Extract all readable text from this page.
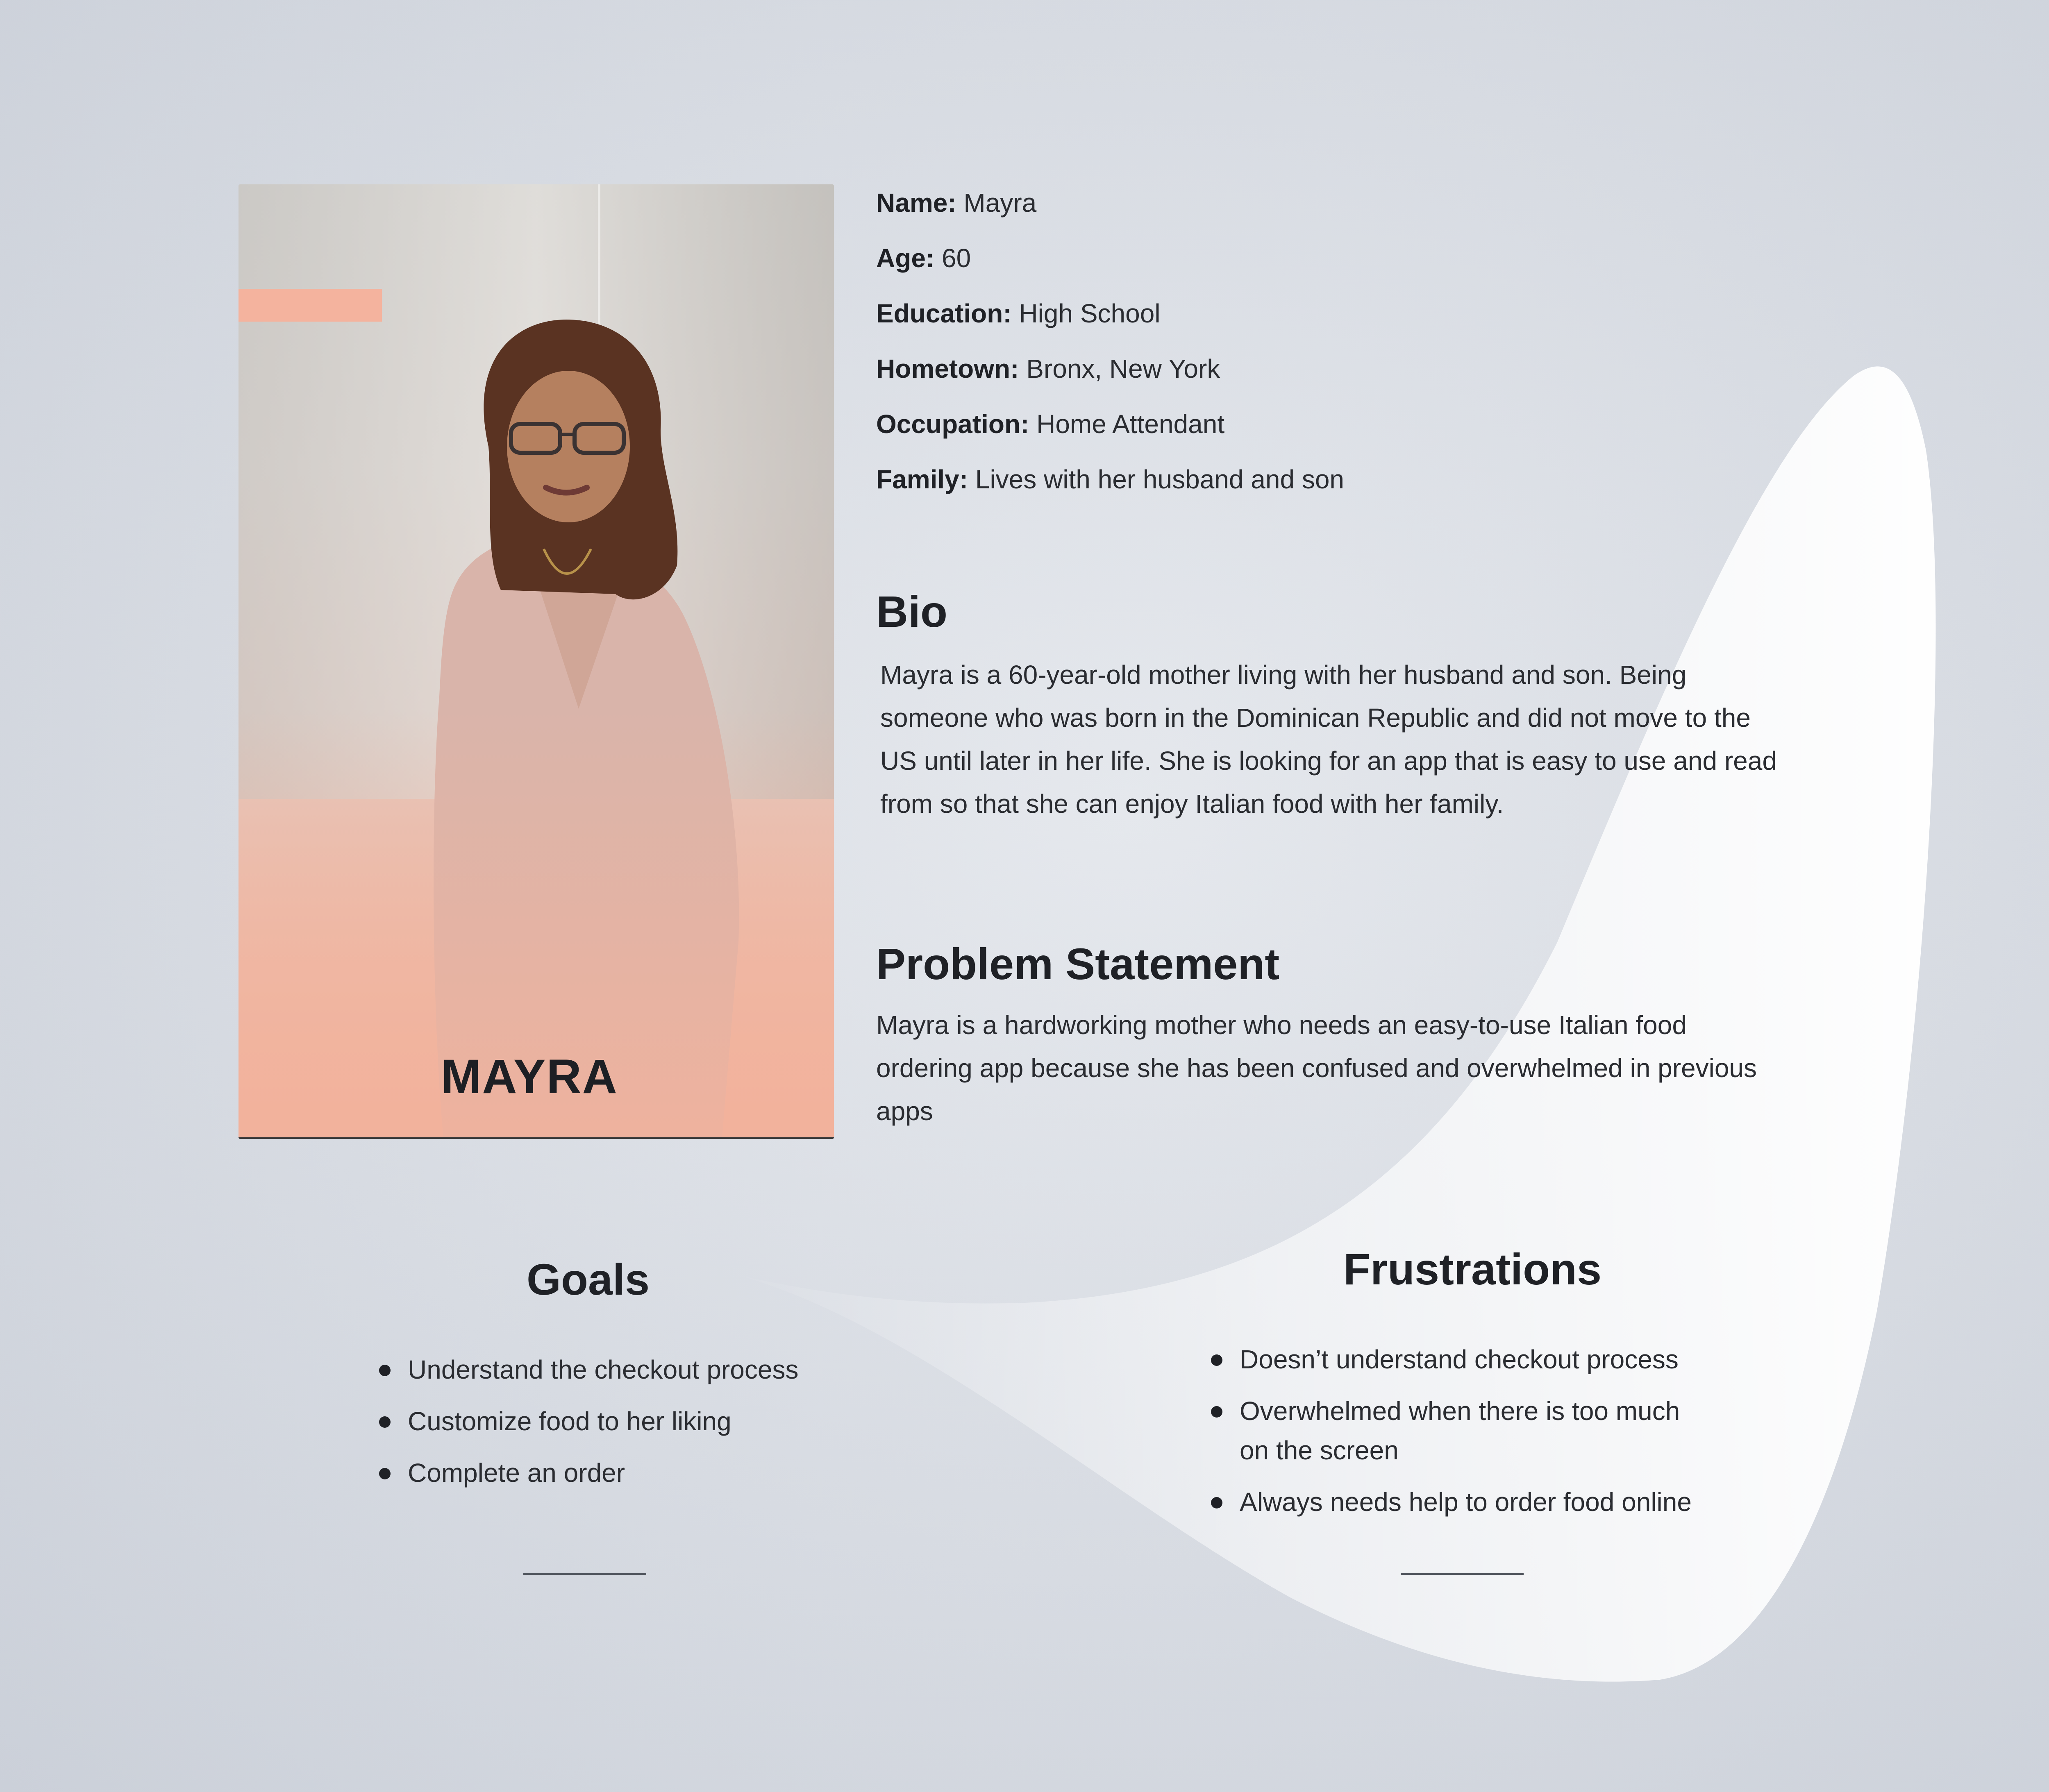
MAYRA
Name: Mayra
Age: 60
Education: High School
Hometown: Bronx, New York
Occupation: Home Attendant
Family: Lives with her husband and son
Bio

Mayra is a 60-year-old mother living with her husband and son. Being someone who was born in the Dominican Republic and did not move to the US until later in her life. She is looking for an app that is easy to use and read from so that she can enjoy Italian food with her family.

Problem Statement

Mayra is a hardworking mother who needs an easy-to-use Italian food ordering app because she has been confused and overwhelmed in previous apps

Goals
Understand the checkout process
Customize food to her liking
Complete an order
Frustrations
Doesn’t understand checkout process
Overwhelmed when there is too much on the screen
Always needs help to order food online
